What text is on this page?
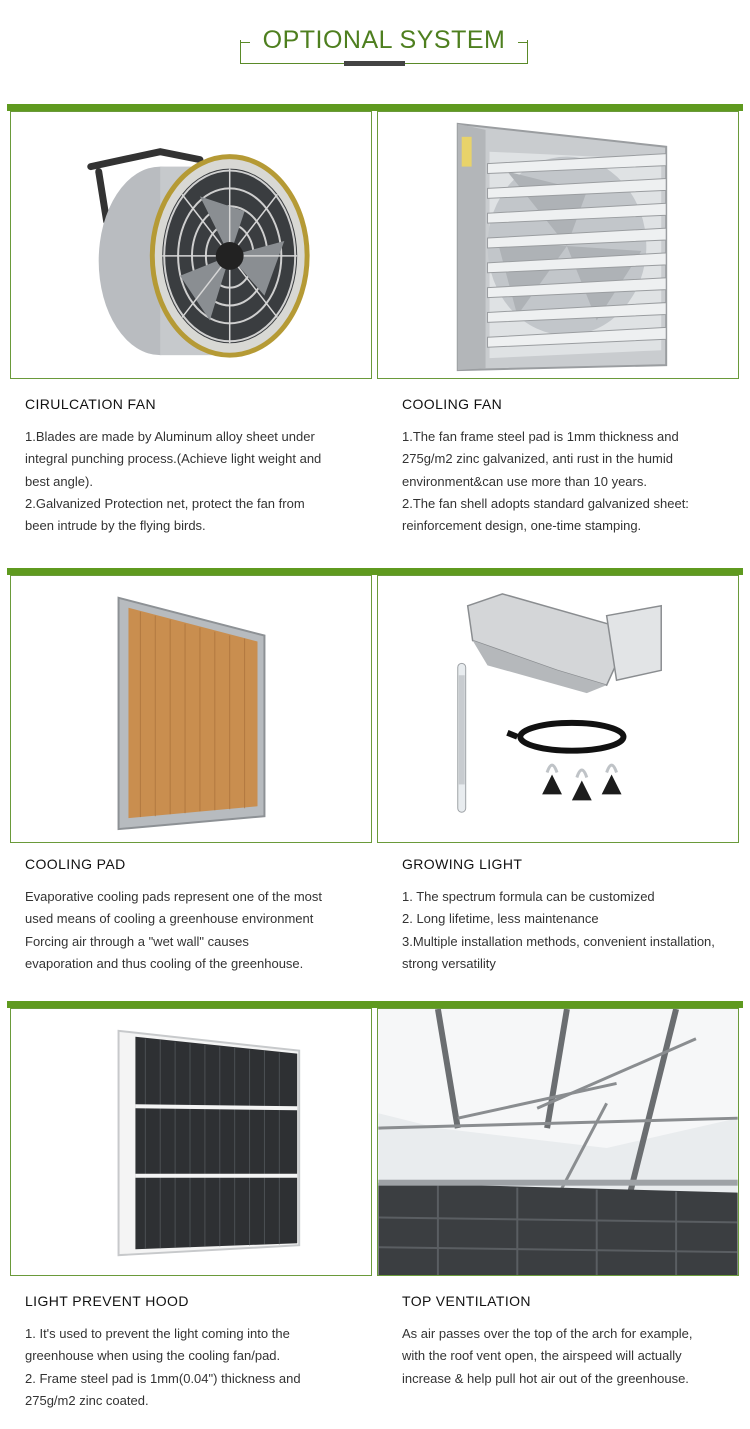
OPTIONAL SYSTEM
CIRULCATION FAN
1.Blades are made by Aluminum alloy sheet under
integral punching process.(Achieve light weight and
best angle).
2.Galvanized Protection net, protect the fan from
been intrude by the flying birds.
COOLING FAN
1.The fan frame steel pad is 1mm thickness and
275g/m2 zinc galvanized, anti rust in the humid
environment&can use more than 10 years.
2.The fan shell adopts standard galvanized sheet:
reinforcement design, one-time stamping.
COOLING PAD
Evaporative cooling pads represent one of the most
used means of cooling a greenhouse environment
Forcing air through a "wet wall" causes
evaporation and thus cooling of the greenhouse.
GROWING LIGHT
1. The spectrum formula can be customized
2. Long lifetime, less maintenance
3.Multiple installation methods, convenient installation,
strong versatility
LIGHT PREVENT HOOD
1. It's used to prevent the light coming into the
greenhouse when using the cooling fan/pad.
2. Frame steel pad is 1mm(0.04") thickness and
275g/m2 zinc coated.
TOP VENTILATION
As air passes over the top of the arch for example,
with the roof vent open, the airspeed will actually
increase & help pull hot air out of the greenhouse.
